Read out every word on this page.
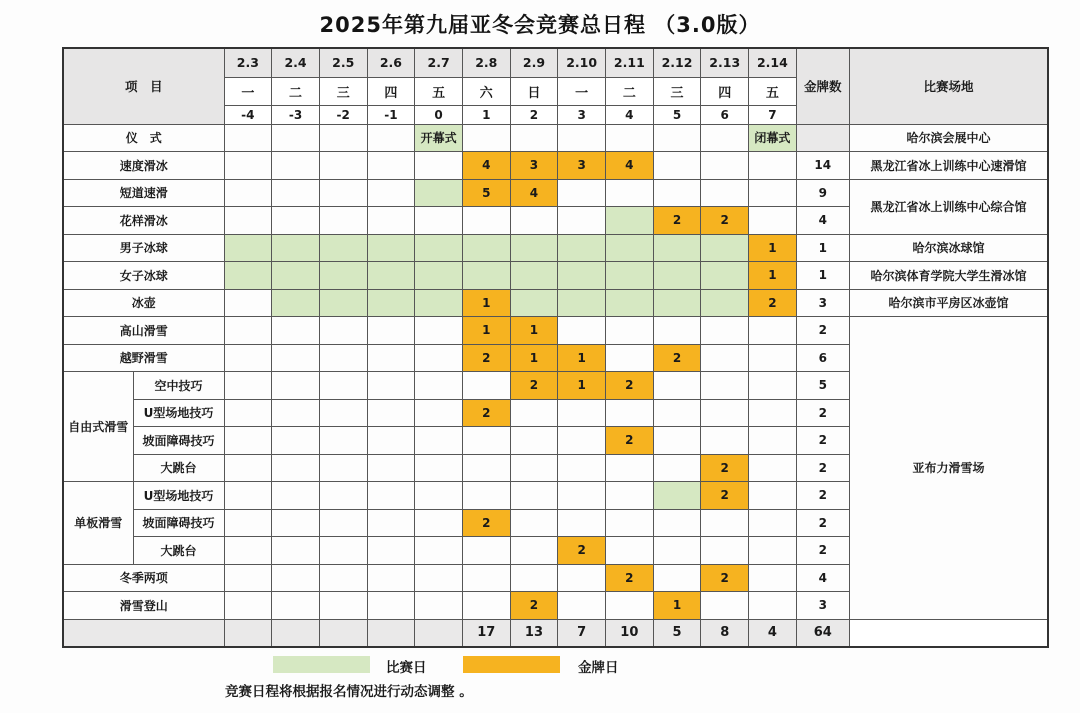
2025年第九届亚冬会竞赛总日程 （3.0版）
项　目		2.3	2.4	2.5	2.6	2.7	2.8	2.9	2.10	2.11	2.12	2.13	2.14	金牌数	比赛场地
		一	二	三	四	五	六	日	一	二	三	四	五		
		-4	-3	-2	-1	0	1	2	3	4	5	6	7		
仪　式						开幕式							闭幕式		哈尔滨会展中心
速度滑冰							4	3	3	4				14	黑龙江省冰上训练中心速滑馆
短道速滑							5	4						9	黑龙江省冰上训练中心综合馆
花样滑冰											2	2		4	
男子冰球													1	1	哈尔滨冰球馆
女子冰球													1	1	哈尔滨体育学院大学生滑冰馆
冰壶							1						2	3	哈尔滨市平房区冰壶馆
高山滑雪							1	1						2	亚布力滑雪场
越野滑雪							2	1	1		2			6	
自由式滑雪	空中技巧							2	1	2				5	
	U型场地技巧						2							2	
	坡面障碍技巧									2				2	
	大跳台											2		2	
单板滑雪	U型场地技巧											2		2	
	坡面障碍技巧						2							2	
	大跳台								2					2	
冬季两项										2		2		4	
滑雪登山								2			1			3	
							17	13	7	10	5	8	4	64	
比赛日	金牌日
竞赛日程将根据报名情况进行动态调整 。
